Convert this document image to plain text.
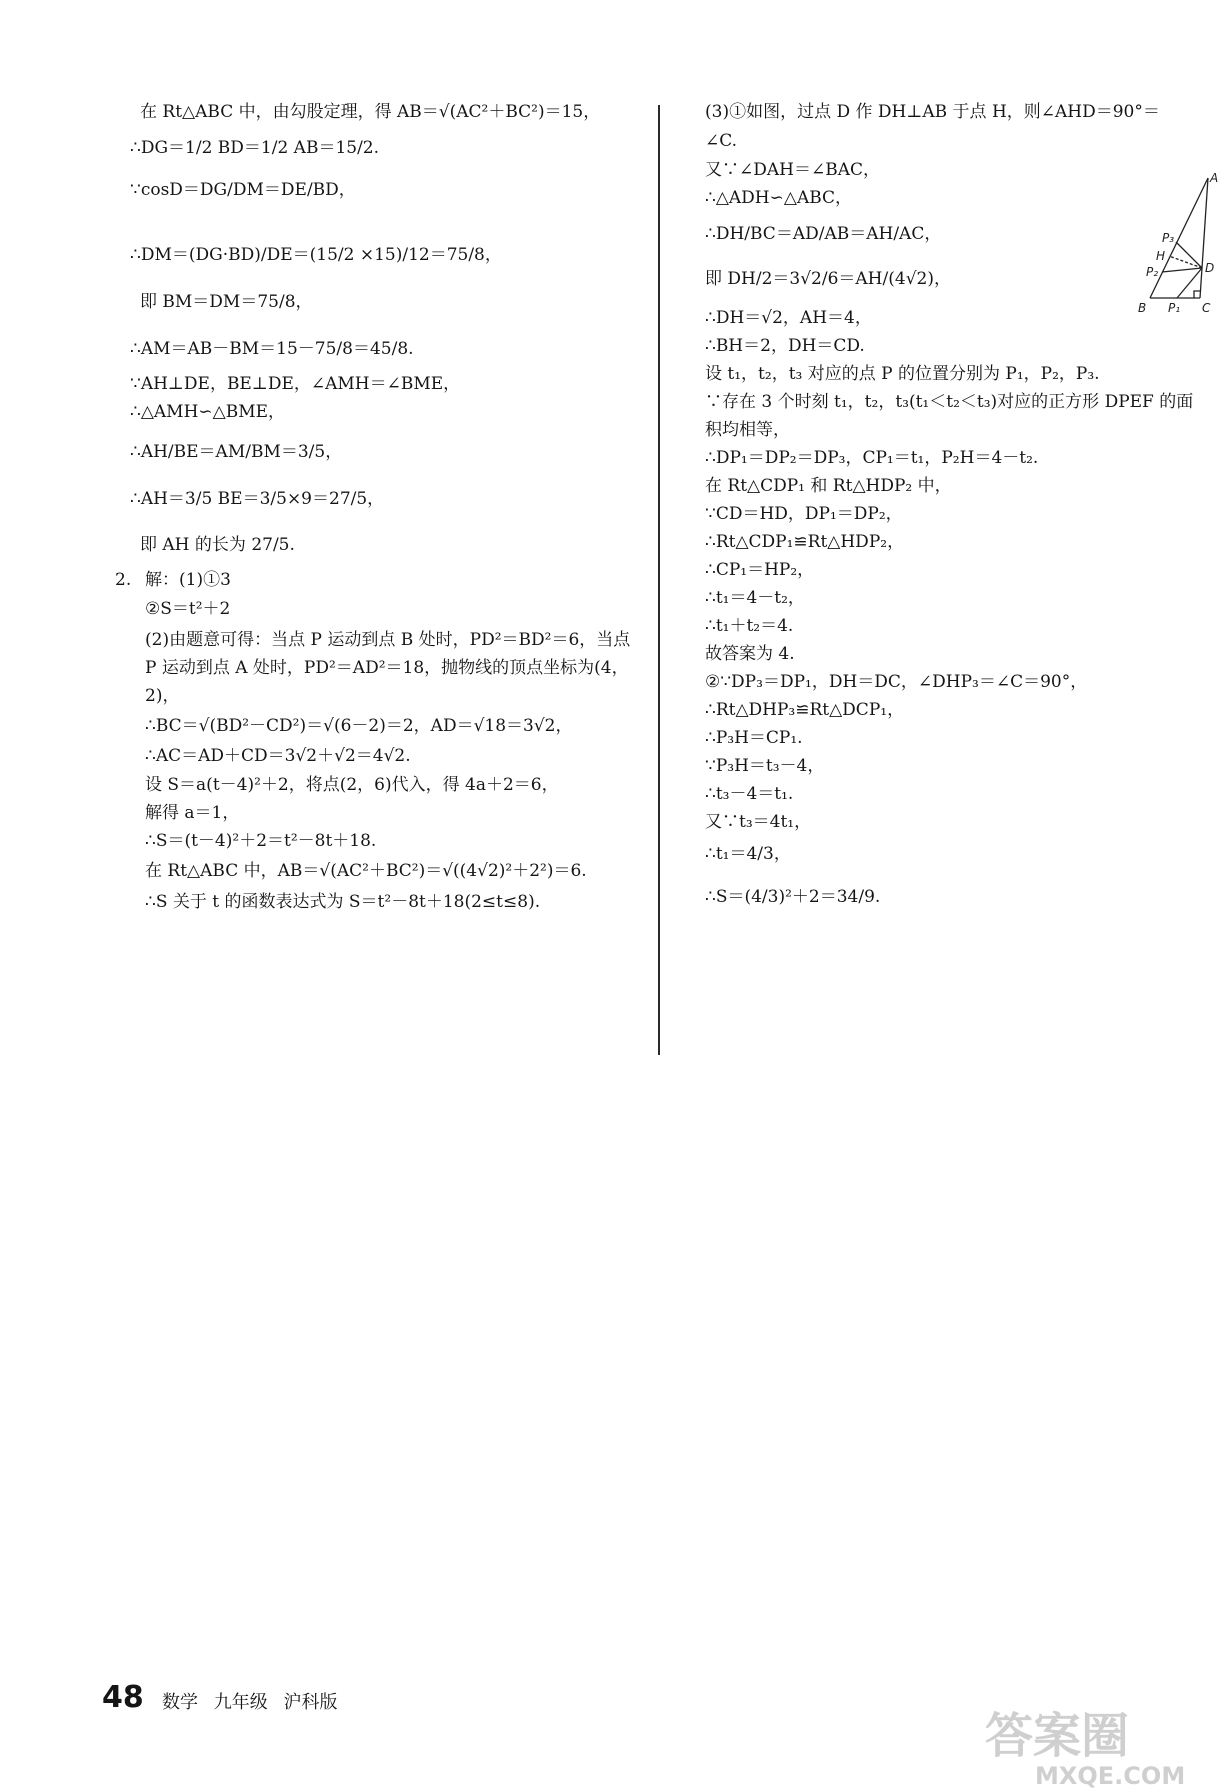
在 Rt△ABC 中，由勾股定理，得 AB＝√(AC²＋BC²)＝15，
∴DG＝1/2 BD＝1/2 AB＝15/2.
∵cosD＝DG/DM＝DE/BD，
∴DM＝(DG·BD)/DE＝(15/2 ×15)/12＝75/8，
即 BM＝DM＝75/8，
∴AM＝AB－BM＝15－75/8＝45/8.
∵AH⊥DE，BE⊥DE，∠AMH＝∠BME，
∴△AMH∽△BME，
∴AH/BE＝AM/BM＝3/5，
∴AH＝3/5 BE＝3/5×9＝27/5，
即 AH 的长为 27/5.
2. 解：(1)①3
②S＝t²＋2
(2)由题意可得：当点 P 运动到点 B 处时，PD²＝BD²＝6，当点
P 运动到点 A 处时，PD²＝AD²＝18，抛物线的顶点坐标为(4，
2)，
∴BC＝√(BD²－CD²)＝√(6－2)＝2，AD＝√18＝3√2，
∴AC＝AD＋CD＝3√2＋√2＝4√2.
设 S＝a(t－4)²＋2，将点(2，6)代入，得 4a＋2＝6，
解得 a＝1，
∴S＝(t－4)²＋2＝t²－8t＋18.
在 Rt△ABC 中，AB＝√(AC²＋BC²)＝√((4√2)²＋2²)＝6.
∴S 关于 t 的函数表达式为 S＝t²－8t＋18(2≤t≤8).
(3)①如图，过点 D 作 DH⊥AB 于点 H，则∠AHD＝90°＝
∠C.
又∵∠DAH＝∠BAC，
∴△ADH∽△ABC，
∴DH/BC＝AD/AB＝AH/AC，
即 DH/2＝3√2/6＝AH/(4√2)，
∴DH＝√2，AH＝4，
∴BH＝2，DH＝CD.
设 t₁，t₂，t₃ 对应的点 P 的位置分别为 P₁，P₂，P₃.
∵存在 3 个时刻 t₁，t₂，t₃(t₁＜t₂＜t₃)对应的正方形 DPEF 的面
积均相等，
∴DP₁＝DP₂＝DP₃，CP₁＝t₁，P₂H＝4－t₂.
在 Rt△CDP₁ 和 Rt△HDP₂ 中，
∵CD＝HD，DP₁＝DP₂，
∴Rt△CDP₁≌Rt△HDP₂，
∴CP₁＝HP₂，
∴t₁＝4－t₂，
∴t₁＋t₂＝4.
故答案为 4.
②∵DP₃＝DP₁，DH＝DC，∠DHP₃＝∠C＝90°，
∴Rt△DHP₃≌Rt△DCP₁，
∴P₃H＝CP₁.
∵P₃H＝t₃－4，
∴t₃－4＝t₁.
又∵t₃＝4t₁，
∴t₁＝4/3，
∴S＝(4/3)²＋2＝34/9.
A
B	C
D
H
P₁
P₂
P₃
48 数学 九年级 沪科版
答案圈
MXQE.COM
